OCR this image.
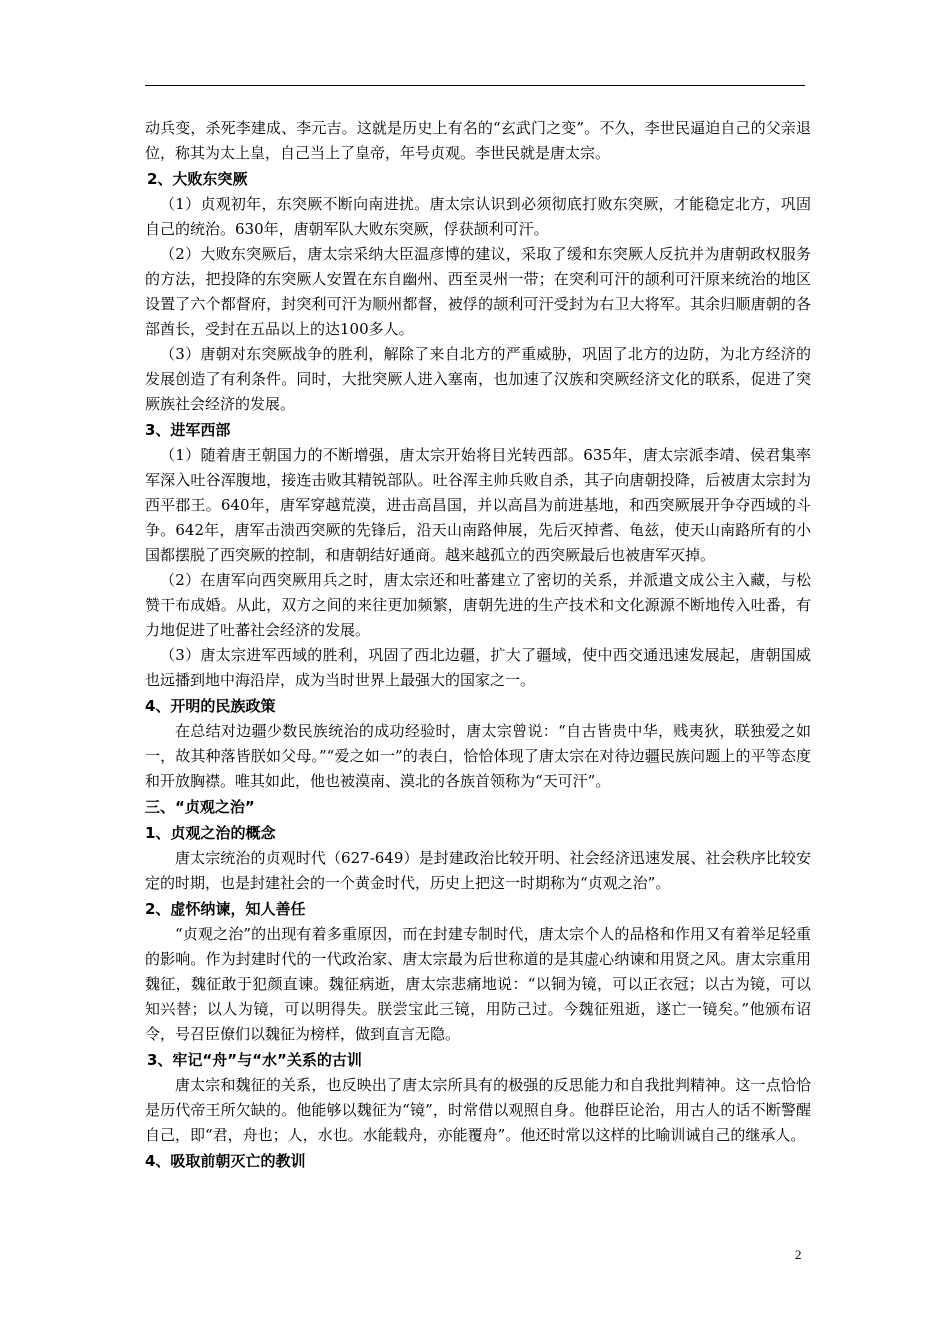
动兵变，杀死李建成、李元吉。这就是历史上有名的“玄武门之变”。不久，李世民逼迫自己的父亲退位，称其为太上皇，自己当上了皇帝，年号贞观。李世民就是唐太宗。

2、大败东突厥

（1）贞观初年，东突厥不断向南进扰。唐太宗认识到必须彻底打败东突厥，才能稳定北方，巩固自己的统治。630年，唐朝军队大败东突厥，俘获颉利可汗。

（2）大败东突厥后，唐太宗采纳大臣温彦博的建议，采取了缓和东突厥人反抗并为唐朝政权服务的方法，把投降的东突厥人安置在东自幽州、西至灵州一带；在突利可汗的颉利可汗原来统治的地区设置了六个都督府，封突利可汗为顺州都督，被俘的颉利可汗受封为右卫大将军。其余归顺唐朝的各部酋长，受封在五品以上的达100多人。

（3）唐朝对东突厥战争的胜利，解除了来自北方的严重威胁，巩固了北方的边防，为北方经济的发展创造了有利条件。同时，大批突厥人进入塞南，也加速了汉族和突厥经济文化的联系，促进了突厥族社会经济的发展。

3、进军西部

（1）随着唐王朝国力的不断增强，唐太宗开始将目光转西部。635年，唐太宗派李靖、侯君集率军深入吐谷浑腹地，接连击败其精锐部队。吐谷浑主帅兵败自杀，其子向唐朝投降，后被唐太宗封为西平郡王。640年，唐军穿越荒漠，进击高昌国，并以高昌为前进基地，和西突厥展开争夺西域的斗争。642年，唐军击溃西突厥的先锋后，沿天山南路伸展，先后灭掉耆、龟兹，使天山南路所有的小国都摆脱了西突厥的控制，和唐朝结好通商。越来越孤立的西突厥最后也被唐军灭掉。

（2）在唐军向西突厥用兵之时，唐太宗还和吐蕃建立了密切的关系，并派遣文成公主入藏，与松赞干布成婚。从此，双方之间的来往更加频繁，唐朝先进的生产技术和文化源源不断地传入吐番，有力地促进了吐蕃社会经济的发展。

（3）唐太宗进军西域的胜利，巩固了西北边疆，扩大了疆域，使中西交通迅速发展起，唐朝国威也远播到地中海沿岸，成为当时世界上最强大的国家之一。

4、开明的民族政策

在总结对边疆少数民族统治的成功经验时，唐太宗曾说：“自古皆贵中华，贱夷狄，联独爱之如一，故其种落皆朕如父母。”“爱之如一”的表白，恰恰体现了唐太宗在对待边疆民族问题上的平等态度和开放胸襟。唯其如此，他也被漠南、漠北的各族首领称为“天可汗”。

三、“贞观之治”

1、贞观之治的概念

唐太宗统治的贞观时代（627-649）是封建政治比较开明、社会经济迅速发展、社会秩序比较安定的时期，也是封建社会的一个黄金时代，历史上把这一时期称为“贞观之治”。

2、虚怀纳谏，知人善任

“贞观之治”的出现有着多重原因，而在封建专制时代，唐太宗个人的品格和作用又有着举足轻重的影响。作为封建时代的一代政治家、唐太宗最为后世称道的是其虚心纳谏和用贤之风。唐太宗重用魏征，魏征敢于犯颜直谏。魏征病逝，唐太宗悲痛地说：“以铜为镜，可以正衣冠；以古为镜，可以知兴替；以人为镜，可以明得失。朕尝宝此三镜，用防己过。今魏征殂逝，遂亡一镜矣。”他颁布诏令，号召臣僚们以魏征为榜样，做到直言无隐。

3、牢记“舟”与“水”关系的古训

唐太宗和魏征的关系，也反映出了唐太宗所具有的极强的反思能力和自我批判精神。这一点恰恰是历代帝王所欠缺的。他能够以魏征为“镜”，时常借以观照自身。他群臣论治，用古人的话不断警醒自己，即“君，舟也；人，水也。水能载舟，亦能覆舟”。他还时常以这样的比喻训诫自己的继承人。

4、吸取前朝灭亡的教训

2
